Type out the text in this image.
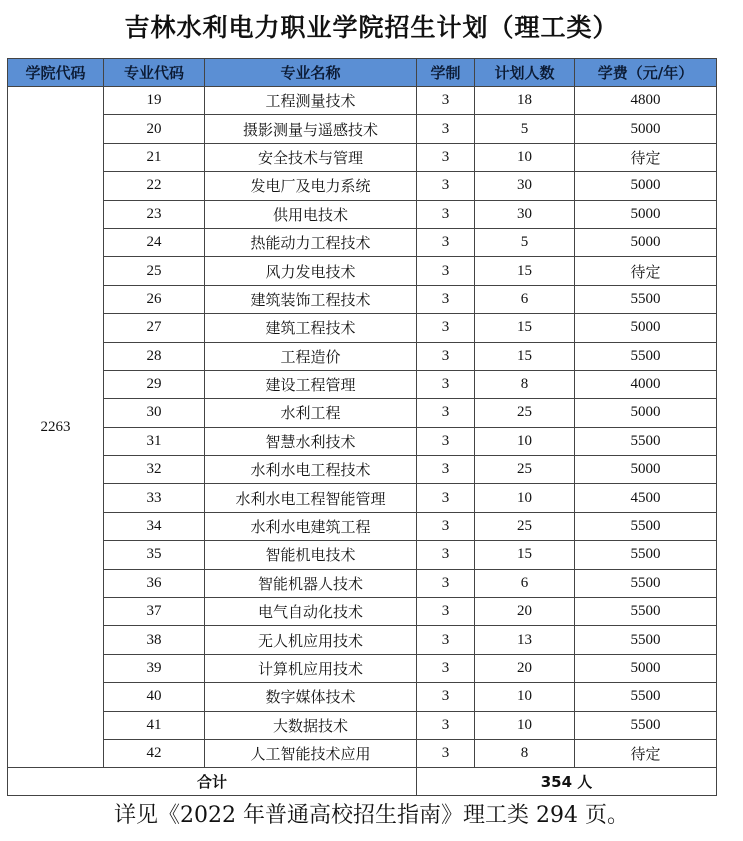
吉林水利电力职业学院招生计划（理工类）
学院代码	专业代码	专业名称	学制	计划人数	学费（元/年）
2263	19	工程测量技术	3	18	4800
	20	摄影测量与遥感技术	3	5	5000
	21	安全技术与管理	3	10	待定
	22	发电厂及电力系统	3	30	5000
	23	供用电技术	3	30	5000
	24	热能动力工程技术	3	5	5000
	25	风力发电技术	3	15	待定
	26	建筑装饰工程技术	3	6	5500
	27	建筑工程技术	3	15	5000
	28	工程造价	3	15	5500
	29	建设工程管理	3	8	4000
	30	水利工程	3	25	5000
	31	智慧水利技术	3	10	5500
	32	水利水电工程技术	3	25	5000
	33	水利水电工程智能管理	3	10	4500
	34	水利水电建筑工程	3	25	5500
	35	智能机电技术	3	15	5500
	36	智能机器人技术	3	6	5500
	37	电气自动化技术	3	20	5500
	38	无人机应用技术	3	13	5500
	39	计算机应用技术	3	20	5000
	40	数字媒体技术	3	10	5500
	41	大数据技术	3	10	5500
	42	人工智能技术应用	3	8	待定
合计			354 人		
详见《2022 年普通高校招生指南》理工类 294 页。
